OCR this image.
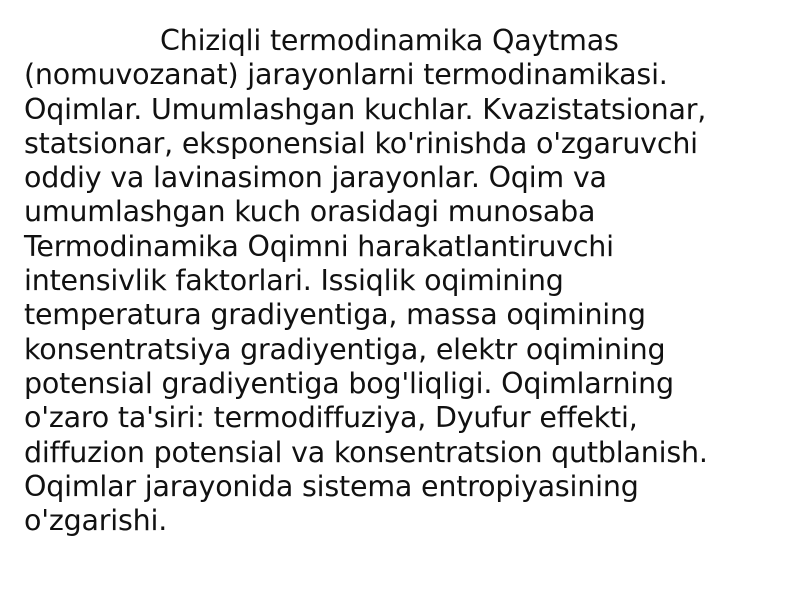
Chiziqli termodinamika Qaytmas
(nomuvozanat) jarayonlarni termodinamikasi.
Oqimlar. Umumlashgan kuchlar. Kvazistatsionar,
statsionar, eksponensial ko'rinishda o'zgaruvchi
oddiy va lavinasimon jarayonlar. Oqim va
umumlashgan kuch orasidagi munosaba
Termodinamika Oqimni harakatlantiruvchi
intensivlik faktorlari. Issiqlik oqimining
temperatura gradiyentiga, massa oqimining
konsentratsiya gradiyentiga, elektr oqimining
potensial gradiyentiga bog'liqligi. Oqimlarning
o'zaro ta'siri: termodiffuziya, Dyufur effekti,
diffuzion potensial va konsentratsion qutblanish.
Oqimlar jarayonida sistema entropiyasining
o'zgarishi.
